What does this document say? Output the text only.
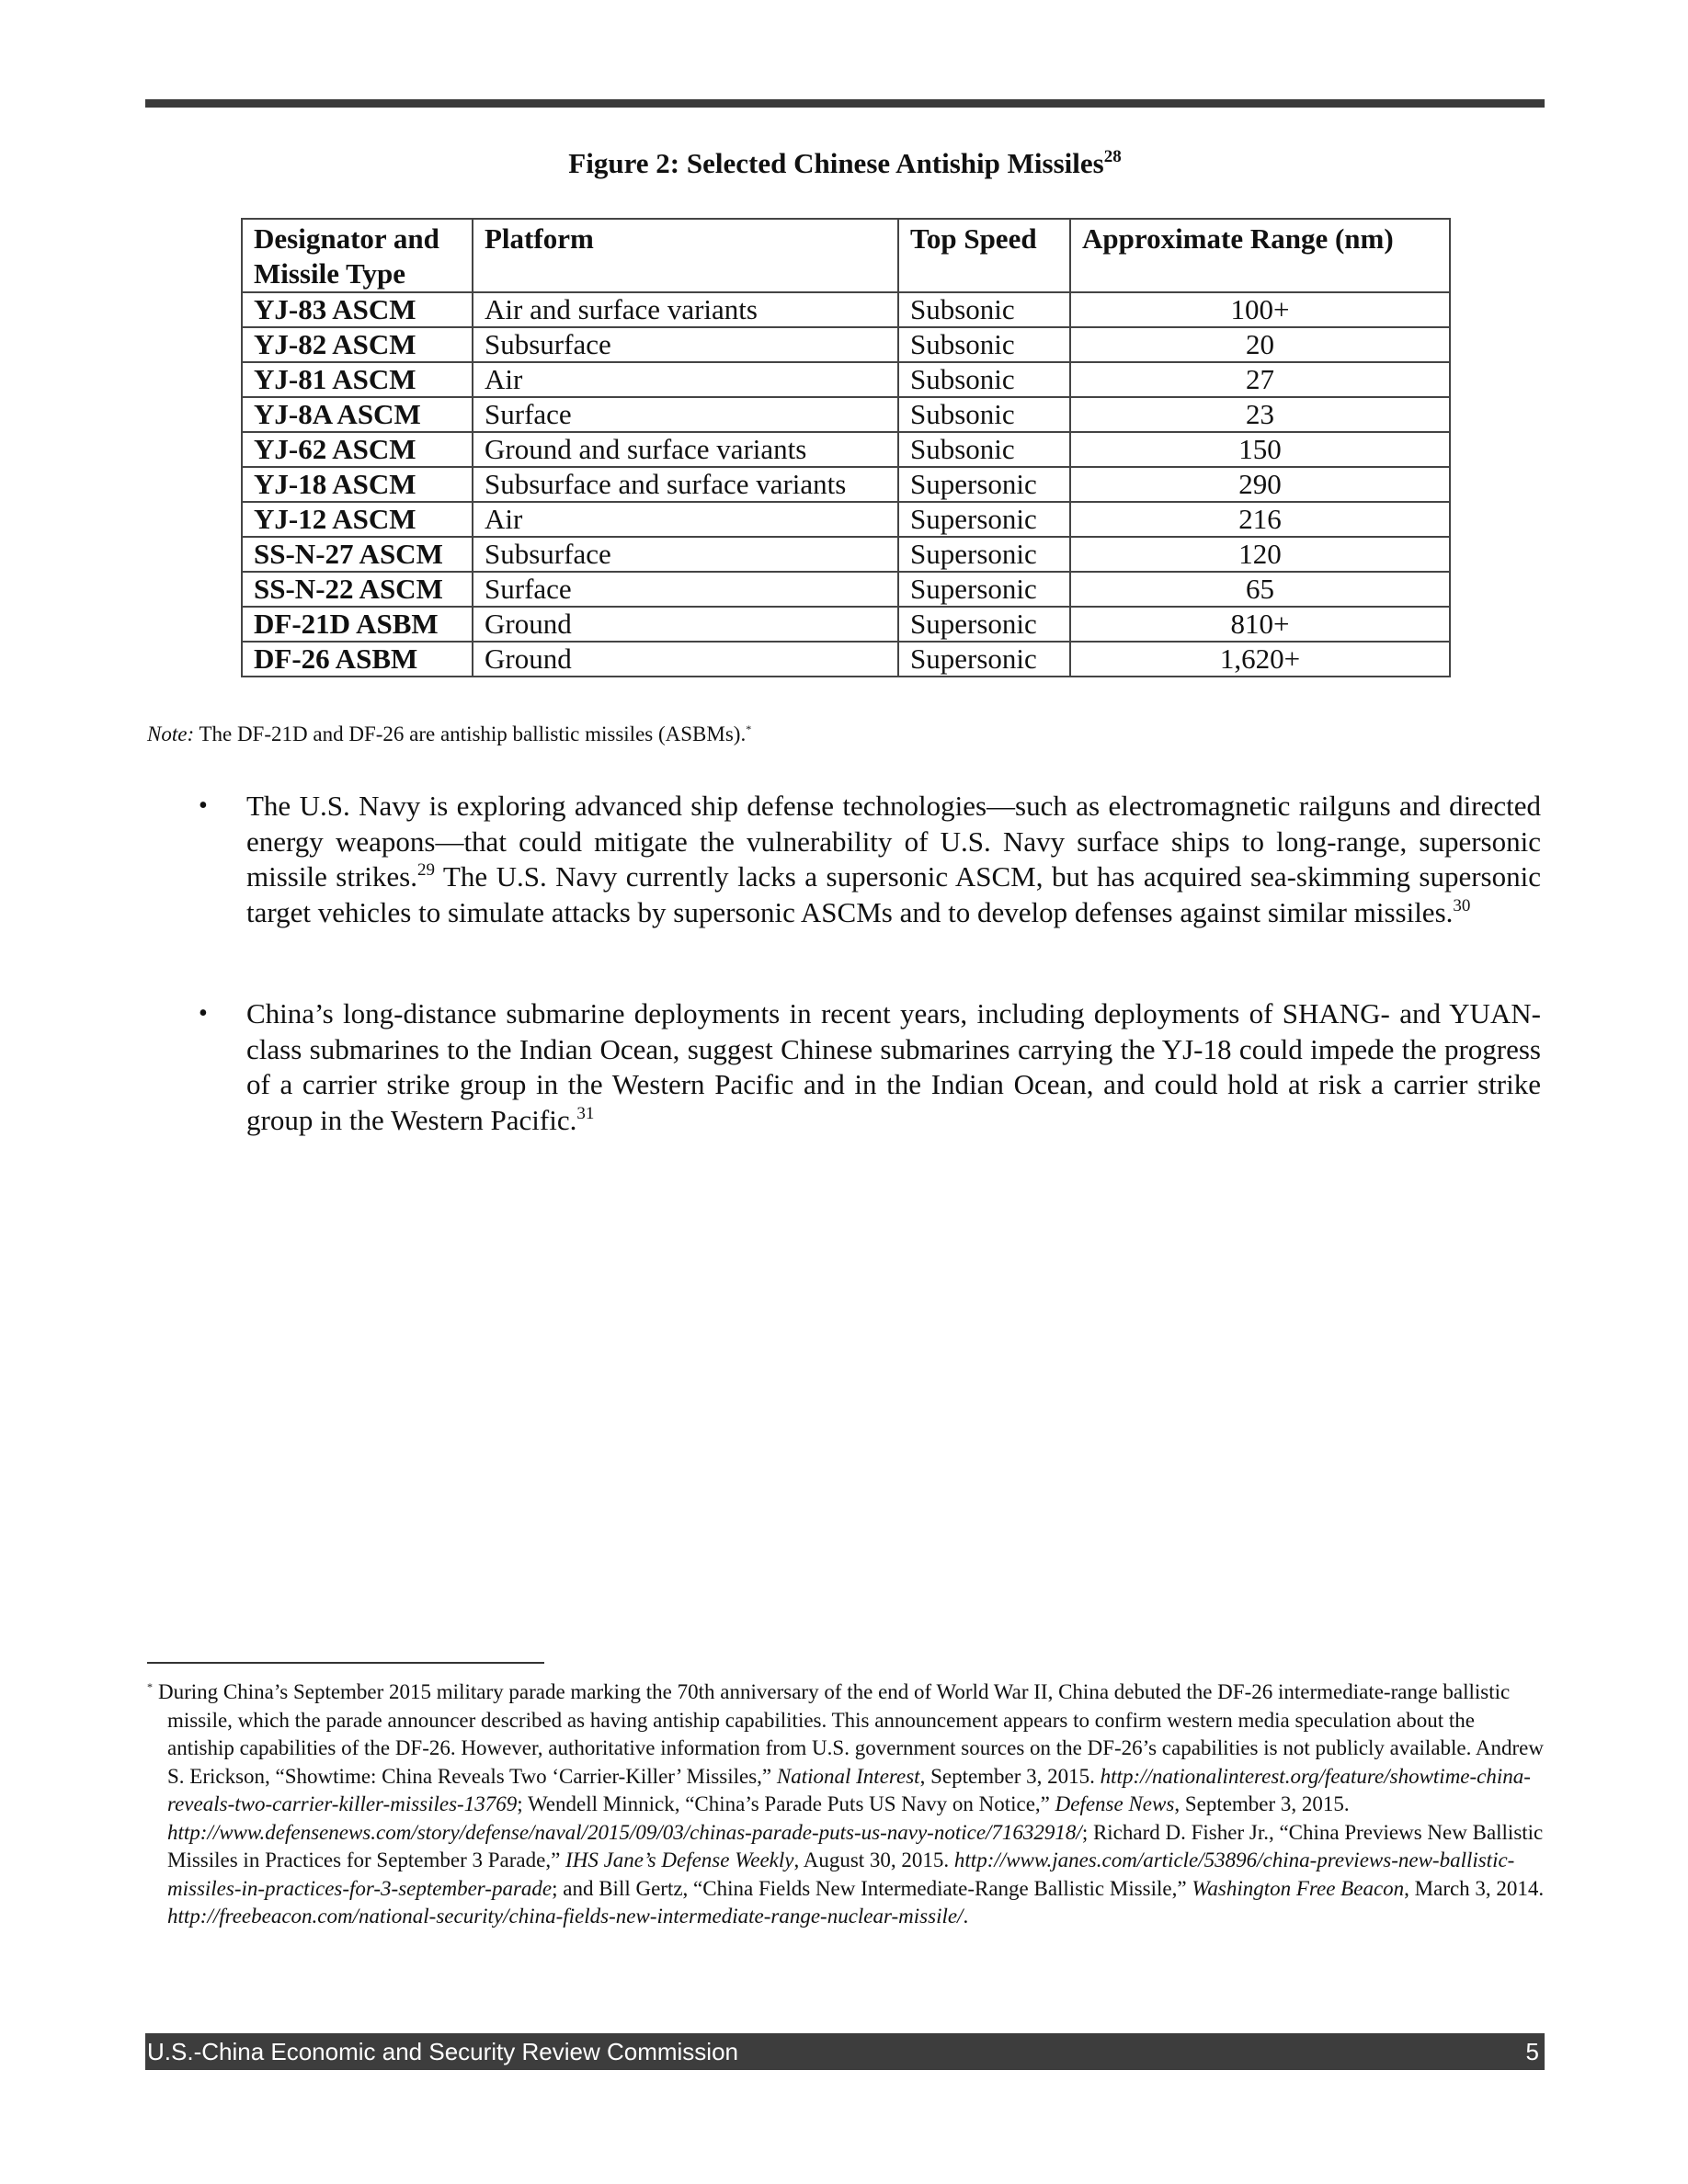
Figure 2: Selected Chinese Antiship Missiles$^{28}$
Designator and Missile Type	Platform	Top Speed	Approximate Range (nm)
YJ-83 ASCM	Air and surface variants	Subsonic	100+
YJ-82 ASCM	Subsurface	Subsonic	20
YJ-81 ASCM	Air	Subsonic	27
YJ-8A ASCM	Surface	Subsonic	23
YJ-62 ASCM	Ground and surface variants	Subsonic	150
YJ-18 ASCM	Subsurface and surface variants	Supersonic	290
YJ-12 ASCM	Air	Supersonic	216
SS-N-27 ASCM	Subsurface	Supersonic	120
SS-N-22 ASCM	Surface	Supersonic	65
DF-21D ASBM	Ground	Supersonic	810+
DF-26 ASBM	Ground	Supersonic	1,620+
Note: The DF-21D and DF-26 are antiship ballistic missiles (ASBMs).*
• The U.S. Navy is exploring advanced ship defense technologies—such as electromagnetic railguns and directed energy weapons—that could mitigate the vulnerability of U.S. Navy surface ships to long-range, supersonic missile strikes.$^{29}$ The U.S. Navy currently lacks a supersonic ASCM, but has acquired sea-skimming supersonic target vehicles to simulate attacks by supersonic ASCMs and to develop defenses against similar missiles.$^{30}$
• China’s long-distance submarine deployments in recent years, including deployments of SHANG- and YUAN-class submarines to the Indian Ocean, suggest Chinese submarines carrying the YJ-18 could impede the progress of a carrier strike group in the Western Pacific and in the Indian Ocean, and could hold at risk a carrier strike group in the Western Pacific.$^{31}$
* During China’s September 2015 military parade marking the 70th anniversary of the end of World War II, China debuted the DF-26 intermediate-range ballistic missile, which the parade announcer described as having antiship capabilities. This announcement appears to confirm western media speculation about the antiship capabilities of the DF-26. However, authoritative information from U.S. government sources on the DF-26’s capabilities is not publicly available. Andrew S. Erickson, “Showtime: China Reveals Two ‘Carrier-Killer’ Missiles,” National Interest, September 3, 2015. http://nationalinterest.org/feature/showtime-china-reveals-two-carrier-killer-missiles-13769; Wendell Minnick, “China’s Parade Puts US Navy on Notice,” Defense News, September 3, 2015. http://www.defensenews.com/story/defense/naval/2015/09/03/chinas-parade-puts-us-navy-notice/71632918/; Richard D. Fisher Jr., “China Previews New Ballistic Missiles in Practices for September 3 Parade,” IHS Jane’s Defense Weekly, August 30, 2015. http://www.janes.com/article/53896/china-previews-new-ballistic-missiles-in-practices-for-3-september-parade; and Bill Gertz, “China Fields New Intermediate-Range Ballistic Missile,” Washington Free Beacon, March 3, 2014. http://freebeacon.com/national-security/china-fields-new-intermediate-range-nuclear-missile/.
U.S.-China Economic and Security Review Commission	5
